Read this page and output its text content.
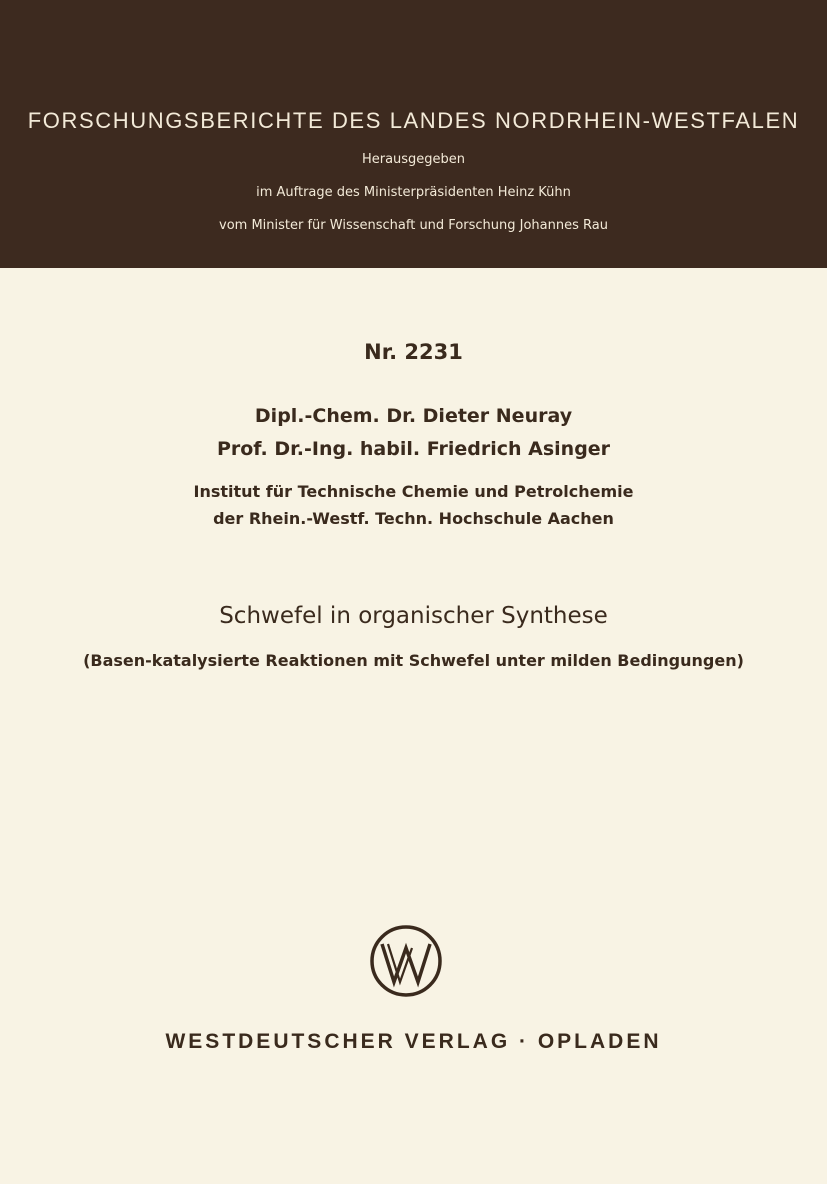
FORSCHUNGSBERICHTE DES LANDES NORDRHEIN-WESTFALEN
Herausgegeben
im Auftrage des Ministerpräsidenten Heinz Kühn
vom Minister für Wissenschaft und Forschung Johannes Rau
Nr. 2231
Dipl.-Chem. Dr. Dieter Neuray
Prof. Dr.-Ing. habil. Friedrich Asinger
Institut für Technische Chemie und Petrolchemie
der Rhein.-Westf. Techn. Hochschule Aachen
Schwefel in organischer Synthese
(Basen-katalysierte Reaktionen mit Schwefel unter milden Bedingungen)
WESTDEUTSCHER VERLAG · OPLADEN
